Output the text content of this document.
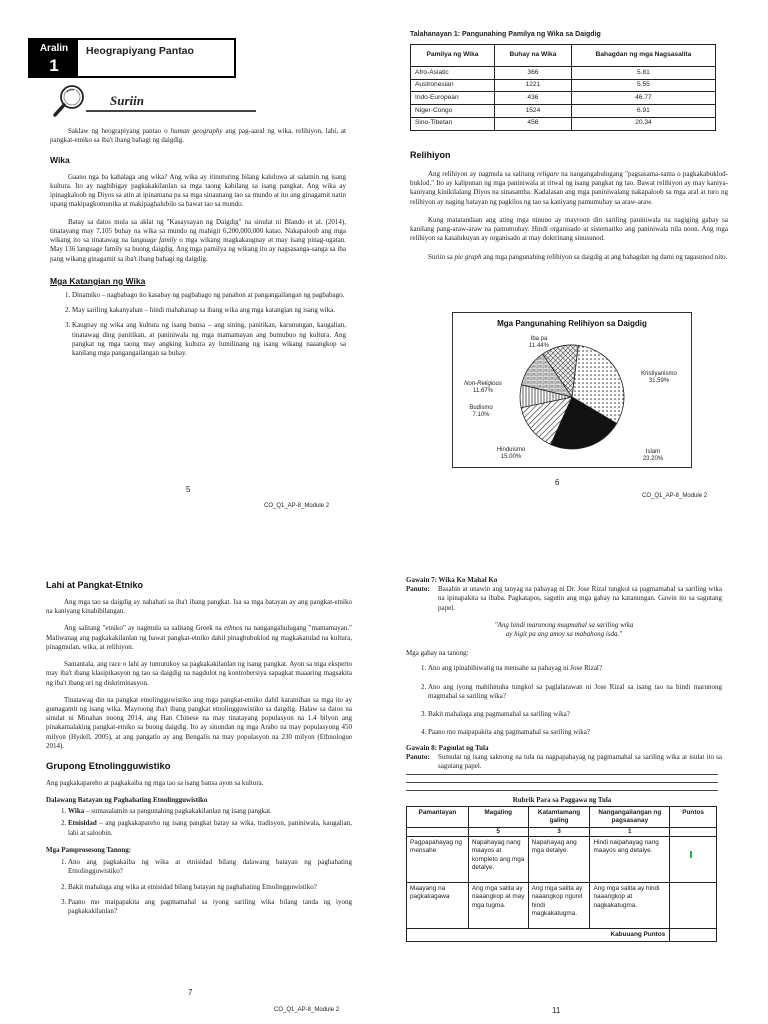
Aralin
1
Heograpiyang Pantao
Suriin

Saklaw ng heograpiyang pantao o human geography ang pag-aaral ng wika, relihiyon, lahi, at pangkat-etniko sa iba't ibang bahagi ng daigdig.

Wika

Gaano nga ba kahalaga ang wika? Ang wika ay itinuturing bilang kaluluwa at salamin ng isang kultura. Ito ay nagbibigay pagkakakilanlan sa mga taong kabilang sa isang pangkat. Ang wika ay ipinagkaloob ng Diyos sa atin at ipinamana pa sa mga sinaunang tao sa mundo at ito ang ginagamit natin upang makipagkomunika at makipaghalubilo sa bawat tao sa mundo.

Batay sa datos mula sa aklat ng "Kasaysayan ng Daigdig" na sinulat ni Blando et al. (2014), tinatayang may 7,105 buhay na wika sa mundo ng mahigit 6,200,000,000 katao. Nakapaloob ang mga wikang ito sa tinatawag na language family o mga wikang magkakaugnay at may isang pinag-ugatan. May 136 language family sa buong daigdig. Ang mga pamilya ng wikang ito ay nagsasanga-sanga sa iba pang wikang ginagamit sa iba't ibang bahagi ng daigdig.

Mga Katangian ng Wika
1. Dinamiko – nagbabago ito kasabay ng pagbabago ng panahon at pangangailangan ng pagbabago.
2. May sariling kakanyahan – hindi mahahanap sa ibang wika ang mga katangian ng isang wika.
3. Kaugnay ng wika ang kultura ng isang bansa – ang sining, panitikan, karunungan, kaugalian, tinatawag ding panitikan, at paniniwala ng mga mamamayan ang bumubuo ng kultura. Ang pangkat ng mga taong may angking kultura ay lumilinang ng isang wikang naaangkop sa kanilang mga pangangailangan sa buhay.
5
CO_Q1_AP-8_Module 2
Talahanayan 1: Pangunahing Pamilya ng Wika sa Daigdig
Pamilya ng Wika	Buhay na Wika	Bahagdan ng mga Nagsasalita
Afro-Asiatic	366	5.81
Austronesian	1221	5.55
Indo-European	436	46.77
Niger-Congo	1524	6.91
Sino-Tibetan	456	20.34
Relihiyon

Ang relihiyon ay nagmula sa salitang religare na nangangahulugang "pagsasama-sama o pagkakabuklod-buklod." Ito ay kalipunan ng mga paniniwala at ritwal ng isang pangkat ng tao. Bawat relihiyon ay may kaniya-kaniyang kinikilalang Diyos na sinasamba. Kadalasan ang mga paniniwalang nakapaloob sa mga aral at turo ng relihiyon ay naging batayan ng pagkilos ng tao sa kaniyang pamumuhay sa araw-araw.

Kung matatandaan ang ating mga ninuno ay mayroon din sariling paniniwala na nagiging gabay sa kanilang pang-araw-araw na pamumuhay. Hindi organisado at sistematiko ang paniniwala nila noon. Ang mga relihiyon sa kasalukuyan ay organisado at may doktrinang sinusunod.

Suriin sa pie graph ang mga pangunahing relihiyon sa daigdig at ang bahagdan ng dami ng tagasunod nito.

Mga Pangunahing Relihiyon sa Daigdig
Kristiyanismo
31.59%
Islam
23.20%
Hinduismo
15.00%
Budismo
7.10%
Non-Religious
11.67%
Iba pa
11.44%
6
CO_Q1_AP-8_Module 2
Lahi at Pangkat-Etniko

Ang mga tao sa daigdig ay nahahati sa iba't ibang pangkat. Isa sa mga batayan ay ang pangkat-etniko na kaniyang kinabibilangan.

Ang salitang "etniko" ay nagmula sa salitang Greek na ethnos na nangangahulugang "mamamayan." Maliwanag ang pagkakakilanlan ng bawat pangkat-etniko dahil pinagbubuklod ng magkakatulad na kultura, pinagmulan, wika, at relihiyon.

Samantala, ang race o lahi ay tumutukoy sa pagkakakilanlan ng isang pangkat. Ayon sa mga eksperto may iba't ibang klasipikasyon ng tao sa daigdig na nagdulot ng kontrobersiya sapagkat maaaring magsakita ng iba't ibang uri ng diskriminasyon.

Tinatawag din na pangkat etnolingguwistiko ang mga pangkat-etniko dahil karamihan sa mga ito ay gumagamit ng isang wika. Mayroong iba't ibang pangkat etnolingguwistiko sa daigdig. Halaw sa datos na sinulat ni Minahan noong 2014, ang Han Chinese na may tinatayang populasyon na 1.4 bilyon ang pinakamalaking pangkat-etniko sa buong daigdig. Ito ay sinundan ng mga Arabo na may populasyong 450 milyon (Hydell, 2005), at ang pangatlo ay ang Bengalis na may populasyon na 230 milyon (Ethnologue 2014).

Grupong Etnolingguwistiko

Ang pagkakapareho at pagkakaiba ng mga tao sa isang bansa ayon sa kultura.

Dalawang Batayan ng Paghahating Etnolingguwistiko
1. Wika – sumasalamin sa pangunahing pagkakakilanlan ng isang pangkat.
2. Etnisidad – ang pagkakapareho ng isang pangkat batay sa wika, tradisyon, paniniwala, kaugalian, lahi at saloobin.
Mga Pamprosesong Tanong:
1. Ano ang pagkakaiba ng wika at etnisidad bilang dalawang batayan ng paghahating Etnolingguwistiko?
2. Bakit mahalaga ang wika at etnisidad bilang batayan ng paghahating Etnolingguwistiko?
3. Paano mo maipapakita ang pagmamahal sa iyong sariling wika bilang tanda ng iyong pagkakakilanlan?
7
CO_Q1_AP-8_Module 2
Gawain 7: Wika Ko Mahal Ko
Panuto:	Basahin at unawin ang tanyag na pahayag ni Dr. Jose Rizal tungkol sa pagmamahal sa sariling wika na ipinapakita sa ibaba. Pagkatapos, sagutin ang mga gabay na katanungan. Gawin ito sa sagutang papel.

"Ang hindi marunong magmahal sa sariling wika
ay higit pa ang amoy sa mabahong isda."
Mga gabay na tanong:
1. Ano ang ipinahihiwatig na mensahe sa pahayag ni Jose Rizal?
2. Ano ang iyong mahihinuha tungkol sa paglalarawan ni Jose Rizal sa isang tao na hindi marunong magmahal sa sariling wika?
3. Bakit mahalaga ang pagmamahal sa sariling wika?
4. Paano mo maipapakita ang pagmamahal sa sariling wika?
Gawain 8: Pagsulat ng Tula
Panuto:	Sumulat ng isang saknong na tula na nagpapahayag ng pagmamahal sa sariling wika at isulat ito sa sagutang papel.

Rubrik Para sa Paggawa ng Tula
Pamantayan	Magaling	Katamtamang galing	Nangangailangan ng pagsasanay	Puntos
	5	3	1	
Pagpapahayag ng mensahe	Napahayag nang maayos at kompleto ang mga detalye.	Napahayag ang mga detalye.	Hindi naipahayag nang maayos ang detalye.	

Maayang na pagkakagawa	Ang mga salita ay naaangkop at may mga tugma.	Ang mga salita ay naaangkop ngunit hindi magkakatugma.	Ang mga salita ay hindi naaangkop at nagkakatugma.	
Kabuuang Puntos				
11
